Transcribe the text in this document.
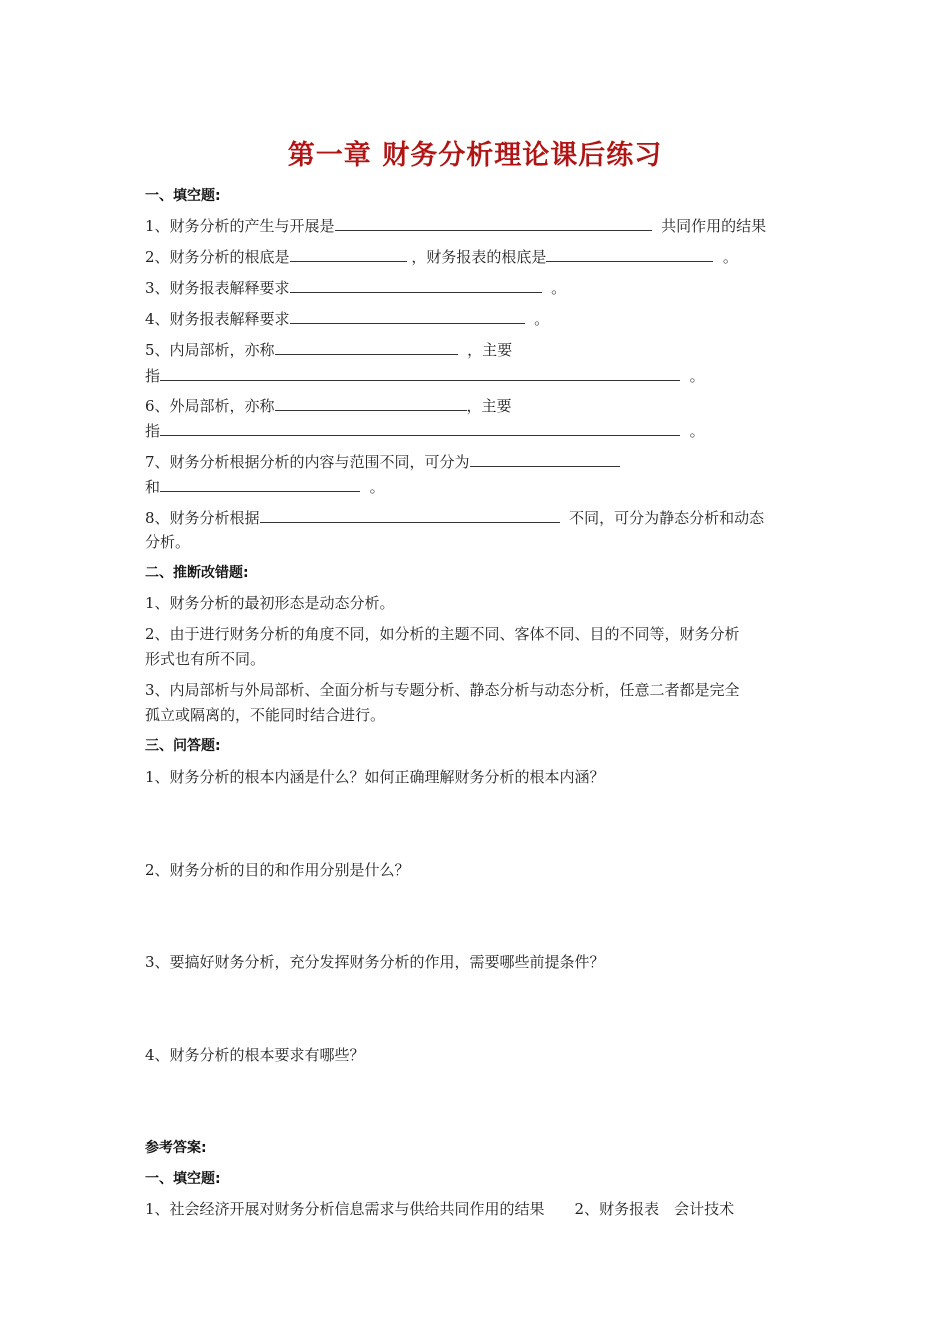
第一章 财务分析理论课后练习
一、填空题:
1、财务分析的产生与开展是	共同作用的结果
2、财务分析的根底是	，财务报表的根底是	。
3、财务报表解释要求	。
4、财务报表解释要求	。
5、内局部析，亦称	，主要
指	。
6、外局部析，亦称	，主要
指	。
7、财务分析根据分析的内容与范围不同，可分为
和	。
8、财务分析根据	不同，可分为静态分析和动态
分析。
二、推断改错题:
1、财务分析的最初形态是动态分析。
2、由于进行财务分析的角度不同，如分析的主题不同、客体不同、目的不同等，财务分析
形式也有所不同。
3、内局部析与外局部析、全面分析与专题分析、静态分析与动态分析，任意二者都是完全
孤立或隔离的，不能同时结合进行。
三、问答题:
1、财务分析的根本内涵是什么？如何正确理解财务分析的根本内涵？
2、财务分析的目的和作用分别是什么？
3、要搞好财务分析，充分发挥财务分析的作用，需要哪些前提条件？
4、财务分析的根本要求有哪些？
参考答案:
一、填空题:
1、社会经济开展对财务分析信息需求与供给共同作用的结果　　2、财务报表　会计技术
